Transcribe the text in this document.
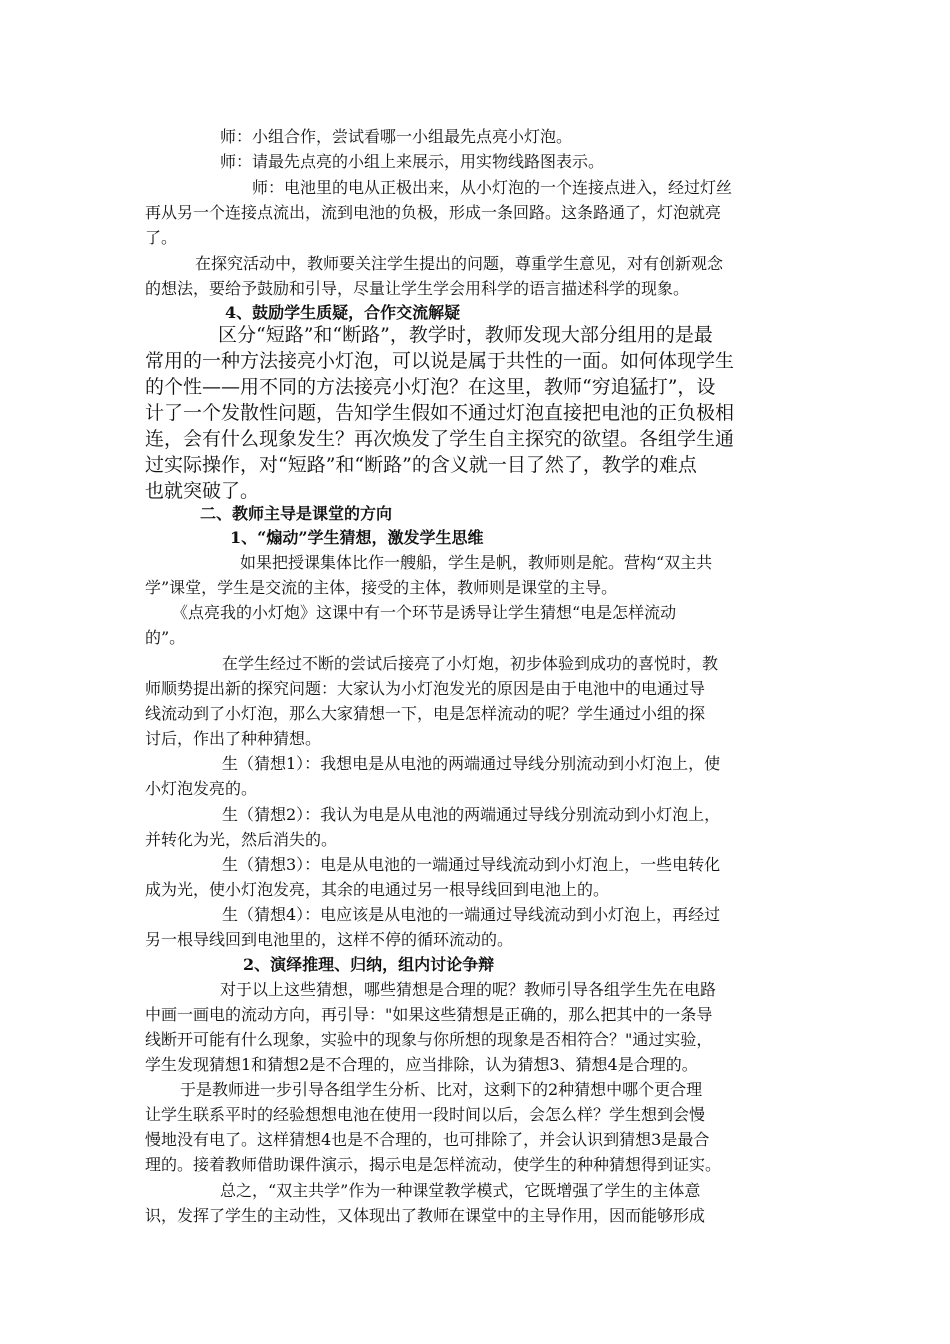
师：小组合作，尝试看哪一小组最先点亮小灯泡。
师：请最先点亮的小组上来展示，用实物线路图表示。
师：电池里的电从正极出来，从小灯泡的一个连接点进入，经过灯丝
再从另一个连接点流出，流到电池的负极，形成一条回路。这条路通了，灯泡就亮
了。
在探究活动中，教师要关注学生提出的问题，尊重学生意见，对有创新观念
的想法，要给予鼓励和引导，尽量让学生学会用科学的语言描述科学的现象。
4、鼓励学生质疑，合作交流解疑
区分“短路”和“断路”，教学时，教师发现大部分组用的是最
常用的一种方法接亮小灯泡，可以说是属于共性的一面。如何体现学生
的个性——用不同的方法接亮小灯泡？在这里，教师“穷追猛打”，设
计了一个发散性问题，告知学生假如不通过灯泡直接把电池的正负极相
连，会有什么现象发生？再次焕发了学生自主探究的欲望。各组学生通
过实际操作，对“短路”和“断路”的含义就一目了然了，教学的难点
也就突破了。
二、教师主导是课堂的方向
1、“煽动”学生猜想，激发学生思维
如果把授课集体比作一艘船，学生是帆，教师则是舵。营构“双主共
学”课堂，学生是交流的主体，接受的主体，教师则是课堂的主导。
《点亮我的小灯炮》这课中有一个环节是诱导让学生猜想“电是怎样流动
的”。
在学生经过不断的尝试后接亮了小灯炮，初步体验到成功的喜悦时，教
师顺势提出新的探究问题：大家认为小灯泡发光的原因是由于电池中的电通过导
线流动到了小灯泡，那么大家猜想一下，电是怎样流动的呢？学生通过小组的探
讨后，作出了种种猜想。
生（猜想1）：我想电是从电池的两端通过导线分别流动到小灯泡上，使
小灯泡发亮的。
生（猜想2）：我认为电是从电池的两端通过导线分别流动到小灯泡上，
并转化为光，然后消失的。
生（猜想3）：电是从电池的一端通过导线流动到小灯泡上，一些电转化
成为光，使小灯泡发亮，其余的电通过另一根导线回到电池上的。
生（猜想4）：电应该是从电池的一端通过导线流动到小灯泡上，再经过
另一根导线回到电池里的，这样不停的循环流动的。
2、演绎推理、归纳，组内讨论争辩
对于以上这些猜想，哪些猜想是合理的呢？教师引导各组学生先在电路
中画一画电的流动方向，再引导："如果这些猜想是正确的，那么把其中的一条导
线断开可能有什么现象，实验中的现象与你所想的现象是否相符合？"通过实验，
学生发现猜想1和猜想2是不合理的，应当排除，认为猜想3、猜想4是合理的。
于是教师进一步引导各组学生分析、比对，这剩下的2种猜想中哪个更合理
让学生联系平时的经验想想电池在使用一段时间以后，会怎么样？学生想到会慢
慢地没有电了。这样猜想4也是不合理的，也可排除了，并会认识到猜想3是最合
理的。接着教师借助课件演示，揭示电是怎样流动，使学生的种种猜想得到证实。
总之，“双主共学”作为一种课堂教学模式，它既增强了学生的主体意
识，发挥了学生的主动性，又体现出了教师在课堂中的主导作用，因而能够形成
